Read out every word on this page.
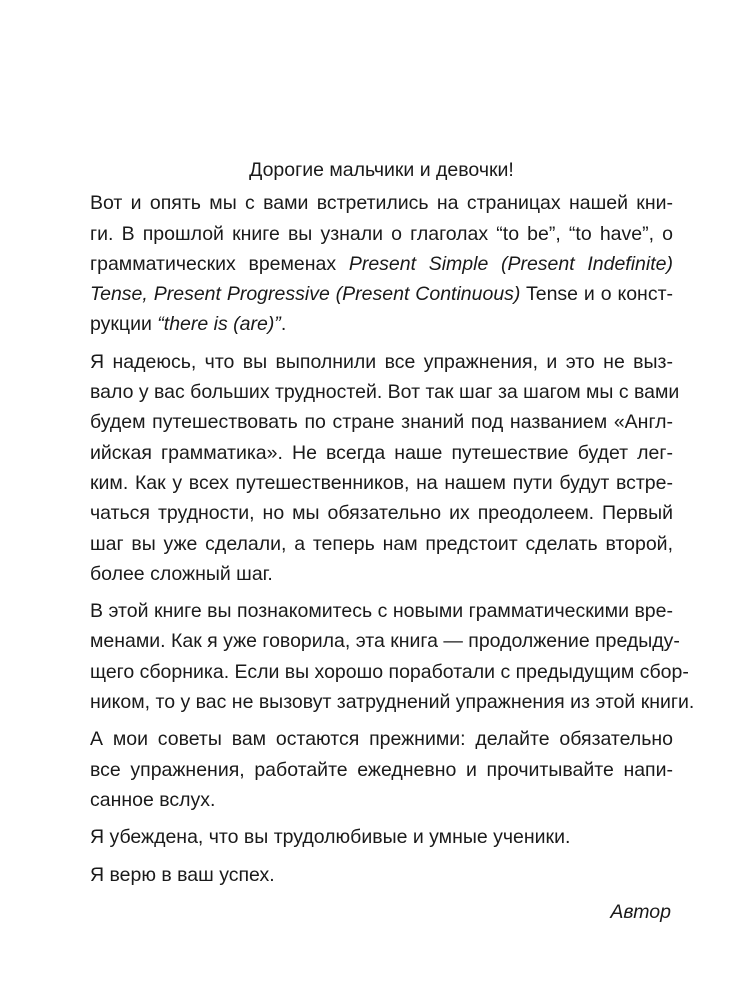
Дорогие мальчики и девочки!
Вот и опять мы с вами встретились на страницах нашей кни-
ги. В прошлой книге вы узнали о глаголах “to be”, “to have”, о
грамматических временах Present Simple (Present Indefinite)
Tense, Present Progressive (Present Continuous) Tense и о конст-
рукции “there is (are)”.
Я надеюсь, что вы выполнили все упражнения, и это не выз-
вало у вас больших трудностей. Вот так шаг за шагом мы с вами
будем путешествовать по стране знаний под названием «Англ-
ийская грамматика». Не всегда наше путешествие будет лег-
ким. Как у всех путешественников, на нашем пути будут встре-
чаться трудности, но мы обязательно их преодолеем. Первый
шаг вы уже сделали, а теперь нам предстоит сделать второй,
более сложный шаг.
В этой книге вы познакомитесь с новыми грамматическими вре-
менами. Как я уже говорила, эта книга — продолжение предыду-
щего сборника. Если вы хорошо поработали с предыдущим сбор-
ником, то у вас не вызовут затруднений упражнения из этой книги.
А мои советы вам остаются прежними: делайте обязательно
все упражнения, работайте ежедневно и прочитывайте напи-
санное вслух.
Я убеждена, что вы трудолюбивые и умные ученики.
Я верю в ваш успех.
Автор
